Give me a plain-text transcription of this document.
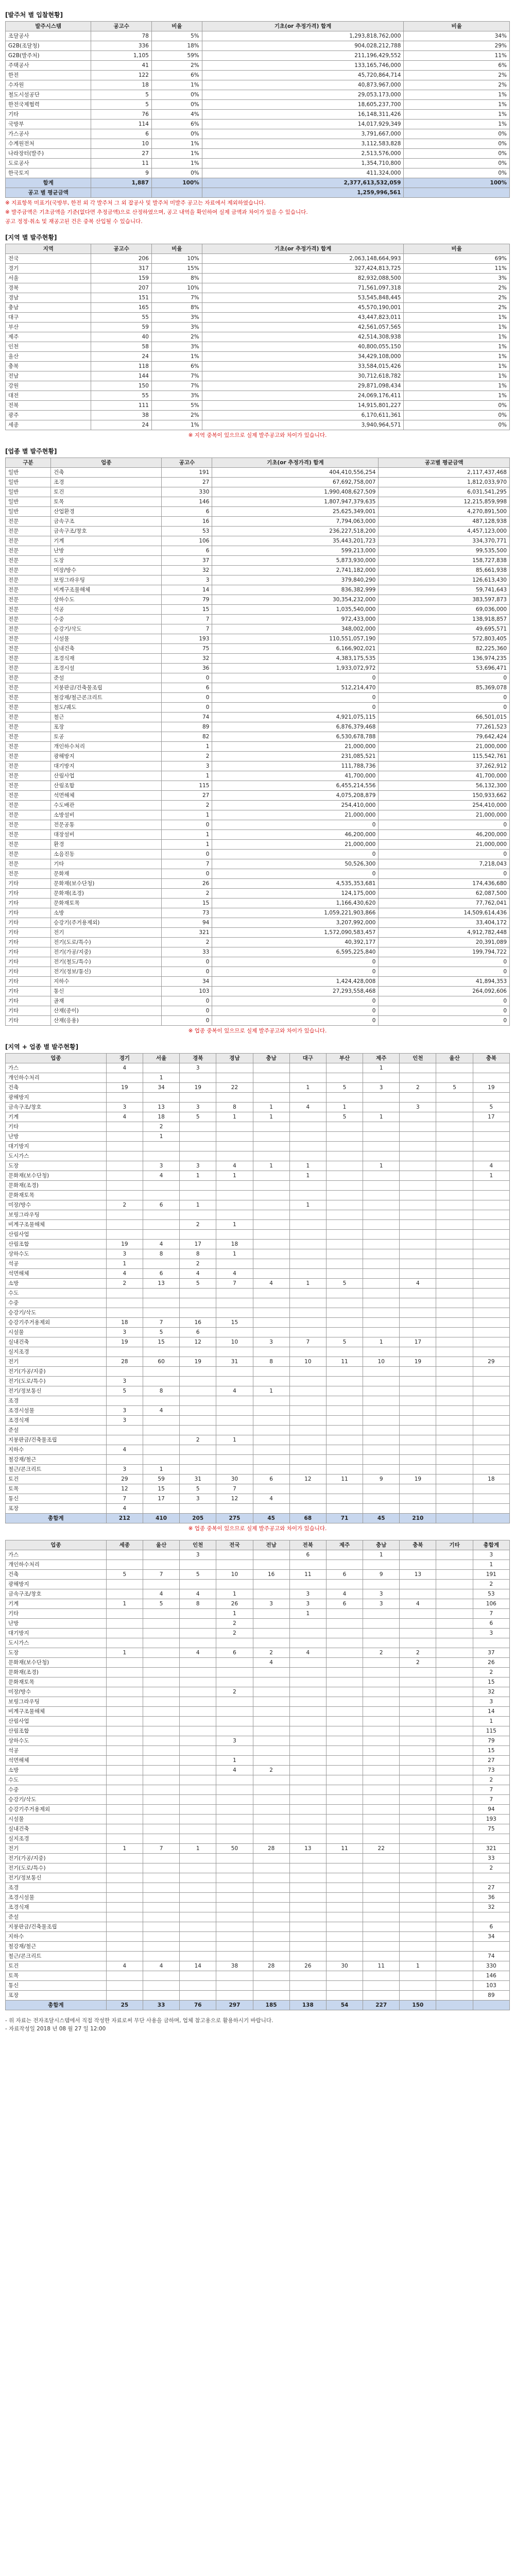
[발주처 별 입찰현황]
발주시스템	공고수	비율	기초(or 추정가격) 합계	비율
조달공사	78	5%	1,293,818,762,000	34%
G2B(조달청)	336	18%	904,028,212,788	29%
G2B(발주처)	1,105	59%	211,196,429,552	11%
주택공사	41	2%	133,165,746,000	6%
한전	122	6%	45,720,864,714	2%
수자원	18	1%	40,873,967,000	2%
철도시설공단	5	0%	29,053,173,000	1%
한전국제협력	5	0%	18,605,237,700	1%
기타	76	4%	16,148,311,426	1%
국방부	114	6%	14,017,929,349	1%
가스공사	6	0%	3,791,667,000	0%
수계원전처	10	1%	3,112,583,828	0%
나라장터(발주)	27	1%	2,513,576,000	0%
도로공사	11	1%	1,354,710,800	0%
한국토지	9	0%	411,324,000	0%
합계	1,887	100%	2,377,613,532,059	100%
공고 별 평균금액			1,259,996,561	
※ 지표항목 미표기(국방부, 한전 외 각 발주처 그 외 잡공사 및 발주처 미발주 공고는 자료에서 제외하였습니다.
※ 발주금액은 기초금액을 기준(없다면 추정금액)으로 산정하였으며, 공고 내역을 확인하여 실제 금액과 차이가 있을 수 있습니다.
공고 정정·취소 및 재공고된 건은 중복 산입될 수 있습니다.
[지역 별 발주현황]
지역	공고수	비율	기초(or 추정가격) 합계	비율
전국	206	10%	2,063,148,664,993	69%
경기	317	15%	327,424,813,725	11%
서울	159	8%	82,932,088,500	3%
경북	207	10%	71,561,097,318	2%
경남	151	7%	53,545,848,445	2%
충남	165	8%	45,570,190,001	2%
대구	55	3%	43,447,823,011	1%
부산	59	3%	42,561,057,565	1%
제주	40	2%	42,514,308,938	1%
인천	58	3%	40,800,055,150	1%
울산	24	1%	34,429,108,000	1%
충북	118	6%	33,584,015,426	1%
전남	144	7%	30,712,618,782	1%
강원	150	7%	29,871,098,434	1%
대전	55	3%	24,069,176,411	1%
전북	111	5%	14,915,801,227	0%
광주	38	2%	6,170,611,361	0%
세종	24	1%	3,940,964,571	0%
※ 지역 중복이 있으므로 실제 발주공고와 차이가 있습니다.
[업종 별 발주현황]
구분	업종	공고수	기초(or 추정가격) 합계	공고별 평균금액
일반	건축	191	404,410,556,254	2,117,437,468
일반	조경	27	67,692,758,007	1,812,033,970
일반	토건	330	1,990,408,627,509	6,031,541,295
일반	토목	146	1,807,947,379,635	12,215,859,998
일반	산업환경	6	25,625,349,001	4,270,891,500
전문	금속구조	16	7,794,063,000	487,128,938
전문	금속구조/창호	53	236,227,518,200	4,457,123,000
전문	기계	106	35,443,201,723	334,370,771
전문	난방	6	599,213,000	99,535,500
전문	도장	37	5,873,930,000	158,727,838
전문	미장/방수	32	2,741,182,000	85,661,938
전문	보링그라우팅	3	379,840,290	126,613,430
전문	비계구조물해체	14	836,382,999	59,741,643
전문	상하수도	79	30,354,232,000	383,597,873
전문	석공	15	1,035,540,000	69,036,000
전문	수중	7	972,433,000	138,918,857
전문	승강기/삭도	7	348,002,000	49,695,571
전문	시설물	193	110,551,057,190	572,803,405
전문	실내건축	75	6,166,902,021	82,225,360
전문	조경식재	32	4,383,175,535	136,974,235
전문	조경시설	36	1,933,072,972	53,696,471
전문	준설	0	0	0
전문	지붕판금/건축물조립	6	512,214,470	85,369,078
전문	철강재/철근콘크리트	0	0	0
전문	철도/궤도	0	0	0
전문	철근	74	4,921,075,115	66,501,015
전문	포장	89	6,876,379,468	77,261,523
전문	토공	82	6,530,678,788	79,642,424
전문	개인하수처리	1	21,000,000	21,000,000
전문	광해방지	2	231,085,521	115,542,761
전문	대기방지	3	111,788,736	37,262,912
전문	산림사업	1	41,700,000	41,700,000
전문	산림조합	115	6,455,214,556	56,132,300
전문	석면해체	27	4,075,208,879	150,933,662
전문	수도배관	2	254,410,000	254,410,000
전문	소방설비	1	21,000,000	21,000,000
전문	전문공통	0	0	0
전문	대장설비	1	46,200,000	46,200,000
전문	환경	1	21,000,000	21,000,000
전문	소음진동	0	0	0
전문	기타	7	50,526,300	7,218,043
전문	문화재	0	0	0
기타	문화재(보수단청)	26	4,535,353,681	174,436,680
기타	문화재(조경)	2	124,175,000	62,087,500
기타	문화재토목	15	1,166,430,620	77,762,041
기타	소방	73	1,059,221,903,866	14,509,614,436
기타	승강기(주거용제외)	94	3,207,992,000	33,404,172
기타	전기	321	1,572,090,583,457	4,912,782,448
기타	전기(도로/특수)	2	40,392,177	20,391,089
기타	전기(가공/지중)	33	6,595,225,840	199,794,722
기타	전기(철도/특수)	0	0	0
기타	전기(정보/통신)	0	0	0
기타	지하수	34	1,424,428,008	41,894,353
기타	통신	103	27,293,558,468	264,092,606
기타	골재	0	0	0
기타	산재(종이)	0	0	0
기타	산재(응용)	0	0	0
※ 업종 중복이 있으므로 실제 발주공고와 차이가 있습니다.
[지역 + 업종 별 발주현황]
업종	경기	서울	경북	경남	충남	대구	부산	제주	인천	울산	충북
가스	4		3					1			
개인하수처리		1									
건축	19	34	19	22		1	5	3	2	5	19
광해방지											
금속구조/창호	3	13	3	8	1	4	1		3		5
기계	4	18	5	1	1		5	1			17
기타		2									
난방		1									
대기방지											
도시가스											
도장		3	3	4	1	1		1			4
문화재(보수단청)		4	1	1		1					1
문화재(조경)											
문화재토목											
미장/방수	2	6	1			1					
보링그라우팅											
비계구조물해체			2	1							
산림사업											
산림조합	19	4	17	18							
상하수도	3	8	8	1							
석공	1		2								
석면해체	4	6	4	4							
소방	2	13	5	7	4	1	5		4		
수도											
수중											
승강기/삭도											
승강기주거용제외	18	7	16	15							
시설물	3	5	6								
실내건축	19	15	12	10	3	7	5	1	17		
실지조경											
전기	28	60	19	31	8	10	11	10	19		29
전기(가공/지중)											
전기(도로/특수)	3										
전기/정보통신	5	8		4	1						
조경											
조경시설물	3	4									
조경식재	3										
준설											
지붕판금/건축물조립			2	1							
지하수	4										
철강재/철근											
철근/콘크리트	3	1									
토건	29	59	31	30	6	12	11	9	19		18
토목	12	15	5	7							
통신	7	17	3	12	4						
포장	4										
총합계	212	410	205	275	45	68	71	45	210		
※ 업종 중복이 있으므로 실제 발주공고와 차이가 있습니다.
업종	세종	울산	인천	전국	전남	전북	제주	충남	충북	기타	총합계
가스			3			6		1			3
개인하수처리											1
건축	5	7	5	10	16	11	6	9	13		191
광해방지											2
금속구조/창호		4	4	1		3	4	3			53
기계	1	5	8	26	3	3	6	3	4		106
기타				1		1					7
난방				2							6
대기방지				2							3
도시가스											
도장	1		4	6	2	4		2	2		37
문화재(보수단청)					4				2		26
문화재(조경)											2
문화재토목											15
미장/방수				2							32
보링그라우팅											3
비계구조물해체											14
산림사업											1
산림조합											115
상하수도				3							79
석공											15
석면해체				1							27
소방				4	2						73
수도											2
수중											7
승강기/삭도											7
승강기주거용제외											94
시설물											193
실내건축											75
실지조경											
전기	1	7	1	50	28	13	11	22			321
전기(가공/지중)											33
전기(도로/특수)											2
전기/정보통신											
조경											27
조경시설물											36
조경식재											32
준설											
지붕판금/건축물조립											6
지하수											34
철강재/철근											
철근/콘크리트											74
토건	4	4	14	38	28	26	30	11	1		330
토목											146
통신											103
포장											89
총합계	25	33	76	297	185	138	54	227	150		
- 위 자료는 전자조달시스템에서 직접 작성한 자료로써 무단 사용을 금하며, 업체 참고용으로 활용하시기 바랍니다.
- 자료작성일 2018 년 08 월 27 일 12:00
